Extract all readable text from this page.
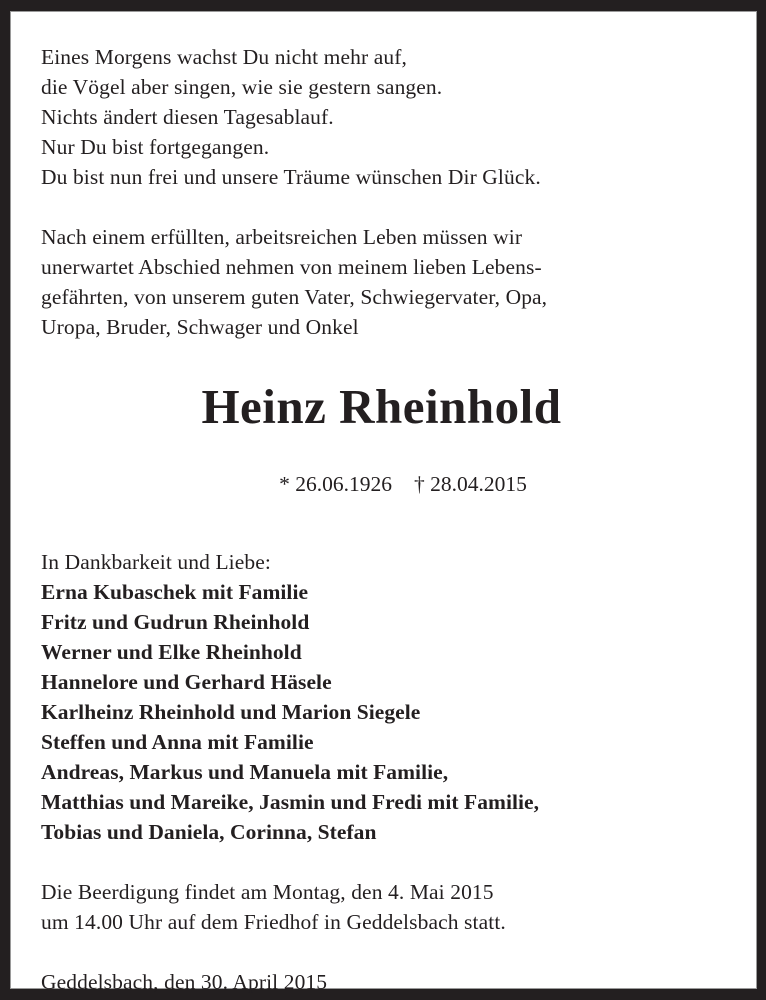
Eines Morgens wachst Du nicht mehr auf,
die Vögel aber singen, wie sie gestern sangen.
Nichts ändert diesen Tagesablauf.
Nur Du bist fortgegangen.
Du bist nun frei und unsere Träume wünschen Dir Glück.
Nach einem erfüllten, arbeitsreichen Leben müssen wir
unerwartet Abschied nehmen von meinem lieben Lebens-
gefährten, von unserem guten Vater, Schwiegervater, Opa,
Uropa, Bruder, Schwager und Onkel
Heinz Rheinhold

* 26.06.1926 † 28.04.2015

In Dankbarkeit und Liebe:
Erna Kubaschek mit Familie
Fritz und Gudrun Rheinhold
Werner und Elke Rheinhold
Hannelore und Gerhard Häsele
Karlheinz Rheinhold und Marion Siegele
Steffen und Anna mit Familie
Andreas, Markus und Manuela mit Familie,
Matthias und Mareike, Jasmin und Fredi mit Familie,
Tobias und Daniela, Corinna, Stefan
Die Beerdigung findet am Montag, den 4. Mai 2015
um 14.00 Uhr auf dem Friedhof in Geddelsbach statt.
Geddelsbach, den 30. April 2015
